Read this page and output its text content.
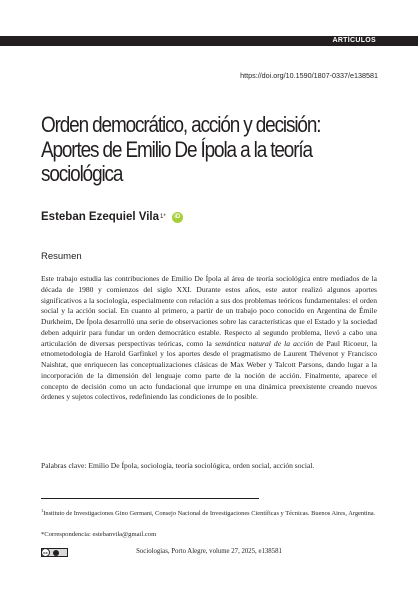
ARTÍCULOS
https://doi.org/10.1590/1807-0337/e138581
Orden democrático, acción y decisión: Aportes de Emilio De Ípola a la teoría sociológica
Esteban Ezequiel Vila 1*	iD
Resumen

Este trabajo estudia las contribuciones de Emilio De Ípola al área de teoría sociológica entre mediados de la década de 1980 y comienzos del siglo XXI. Durante estos años, este autor realizó algunos aportes significativos a la sociología, especialmente con relación a sus dos problemas teóricos fundamentales: el orden social y la acción social. En cuanto al primero, a partir de un trabajo poco conocido en Argentina de Émile Durkheim, De Ípola desarrolló una serie de observaciones sobre las características que el Estado y la sociedad deben adquirir para fundar un orden democrático estable. Respecto al segundo problema, llevó a cabo una articulación de diversas perspectivas teóricas, como la semántica natural de la acción de Paul Ricoeur, la etnometodología de Harold Garfinkel y los aportes desde el pragmatismo de Laurent Thévenot y Francisco Naishtat, que enriquecen las conceptualizaciones clásicas de Max Weber y Talcott Parsons, dando lugar a la incorporación de la dimensión del lenguaje como parte de la noción de acción. Finalmente, aparece el concepto de decisión como un acto fundacional que irrumpe en una dinámica preexistente creando nuevos órdenes y sujetos colectivos, redefiniendo las condiciones de lo posible.

Palabras clave: Emilio De Ípola, sociología, teoría sociológica, orden social, acción social.

$^1$Instituto de Investigaciones Gino Germani, Consejo Nacional de Investigaciones Científicas y Técnicas. Buenos Aires, Argentina.

*Correspondencia: estebanvila@gmail.com
cc	Sociologias, Porto Alegre, volume 27, 2025, e138581
